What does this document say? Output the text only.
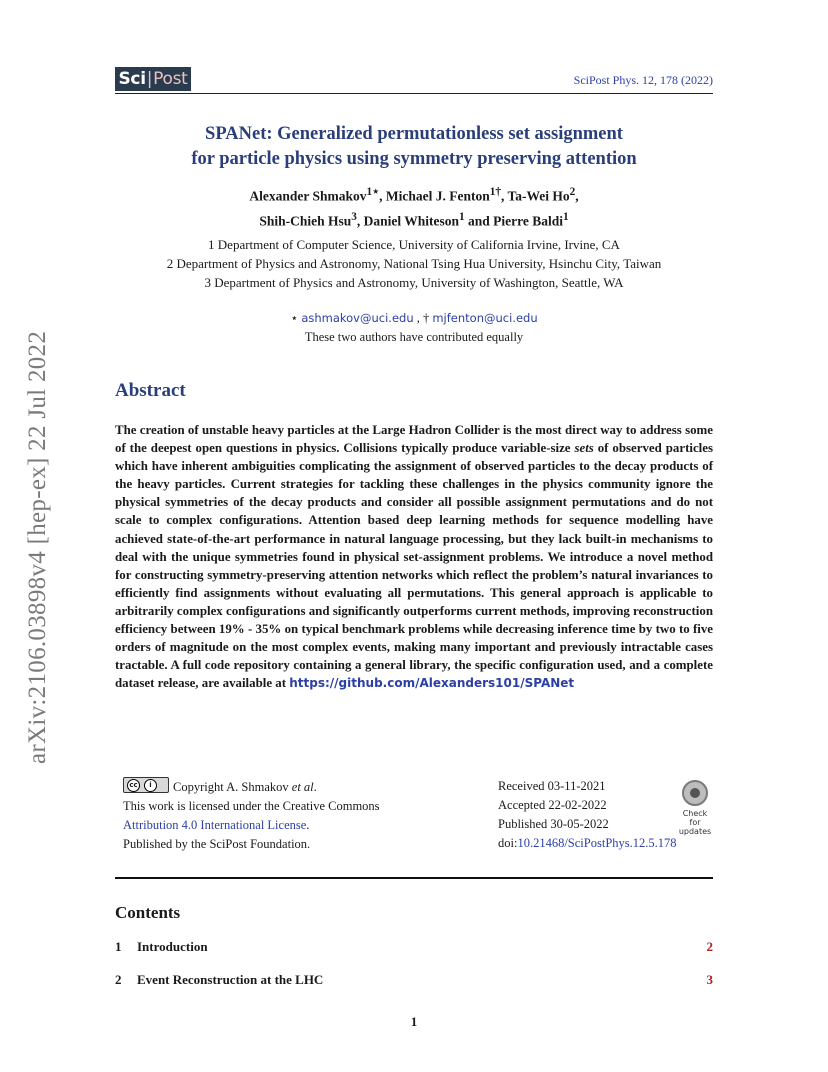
Sci | Post	SciPost Phys. 12, 178 (2022)
SPANet: Generalized permutationless set assignment
for particle physics using symmetry preserving attention
Alexander Shmakov$^{1⋆}$, Michael J. Fenton$^{1\dagger}$, Ta-Wei Ho$^2$,
Shih-Chieh Hsu$^3$, Daniel Whiteson$^1$ and Pierre Baldi$^1$
1 Department of Computer Science, University of California Irvine, Irvine, CA
2 Department of Physics and Astronomy, National Tsing Hua University, Hsinchu City, Taiwan
3 Department of Physics and Astronomy, University of Washington, Seattle, WA
⋆ ashmakov@uci.edu , † mjfenton@uci.edu
These two authors have contributed equally
Abstract
The creation of unstable heavy particles at the Large Hadron Collider is the most direct way to address some of the deepest open questions in physics. Collisions typically produce variable-size sets of observed particles which have inherent ambiguities complicating the assignment of observed particles to the decay products of the heavy particles. Current strategies for tackling these challenges in the physics community ignore the physical symmetries of the decay products and consider all possible assignment permutations and do not scale to complex configurations. Attention based deep learning methods for sequence modelling have achieved state-of-the-art performance in natural language processing, but they lack built-in mechanisms to deal with the unique symmetries found in physical set-assignment problems. We introduce a novel method for constructing symmetry-preserving attention networks which reflect the problem’s natural invariances to efficiently find assignments without evaluating all permutations. This general approach is applicable to arbitrarily complex configurations and significantly outperforms current methods, improving reconstruction efficiency between 19% - 35% on typical benchmark problems while decreasing inference time by two to five orders of magnitude on the most complex events, making many important and previously intractable cases tractable. A full code repository containing a general library, the specific configuration used, and a complete dataset release, are available at https://github.com/Alexanders101/SPANet
cc	i	Copyright A. Shmakov et al.
This work is licensed under the Creative Commons
Attribution 4.0 International License.
Published by the SciPost Foundation.
Received 03-11-2021
Accepted 22-02-2022
Published 30-05-2022
doi:10.21468/SciPostPhys.12.5.178
Check for
updates
Contents
1	Introduction	2
2	Event Reconstruction at the LHC	3
1
arXiv:2106.03898v4 [hep-ex] 22 Jul 2022
